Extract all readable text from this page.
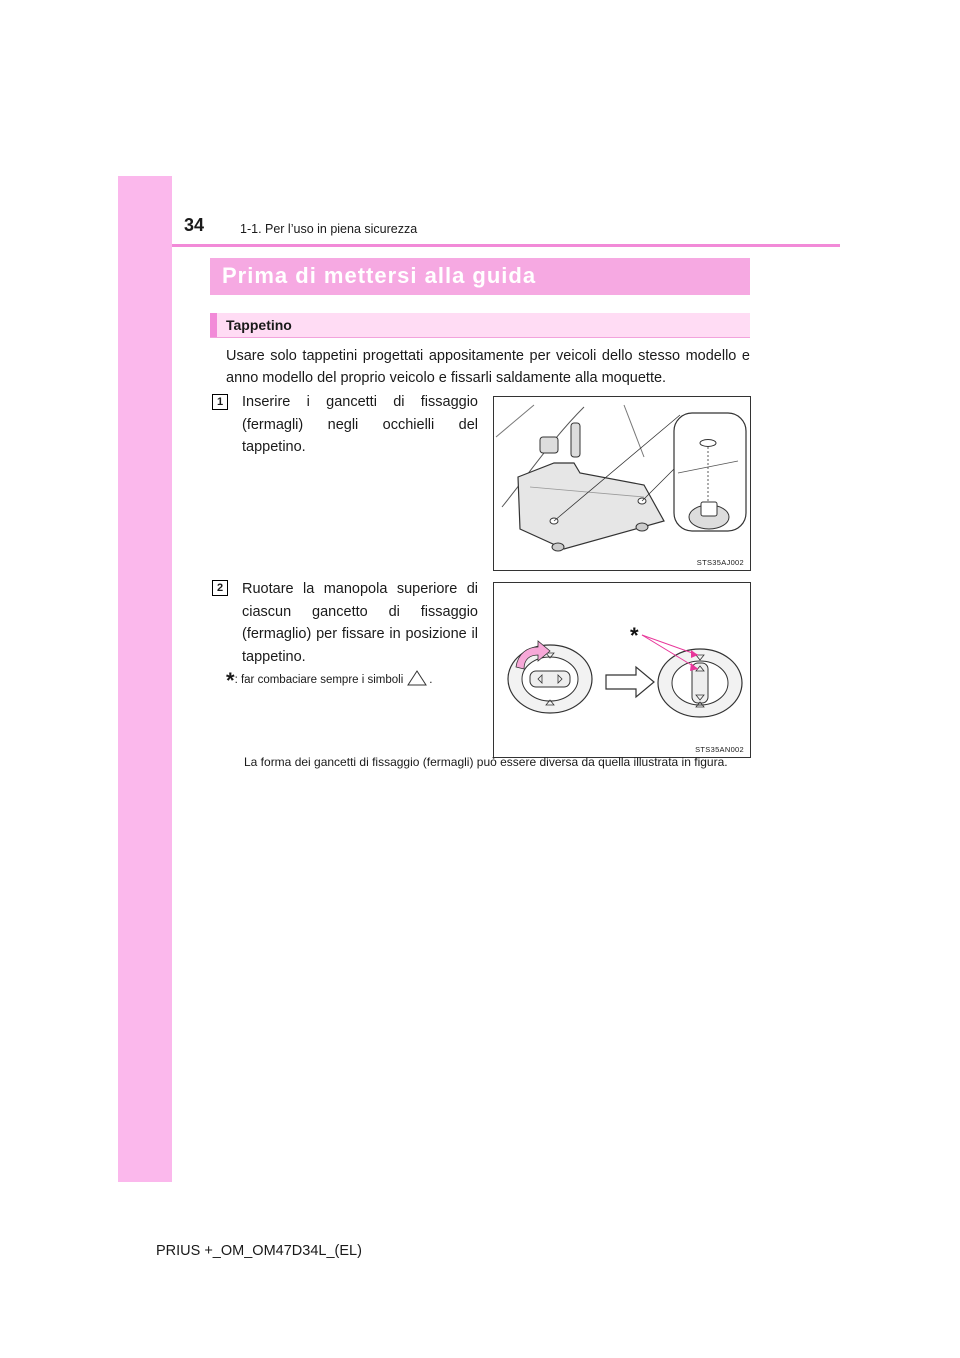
34	1-1. Per l’uso in piena sicurezza
Prima di mettersi alla guida
Tappetino
Usare solo tappetini progettati appositamente per veicoli dello stesso modello e anno modello del proprio veicolo e fissarli saldamente alla moquette.
1	Inserire i gancetti di fissaggio (fermagli) negli occhielli del tappetino.
STS35AJ002
2	Ruotare la manopola superiore di ciascun gancetto di fissaggio (fermaglio) per fissare in posizione il tappetino.
*
STS35AN002
*: far combaciare sempre i simboli .
La forma dei gancetti di fissaggio (fermagli) può essere diversa da quella illustrata in figura.
PRIUS +_OM_OM47D34L_(EL)
